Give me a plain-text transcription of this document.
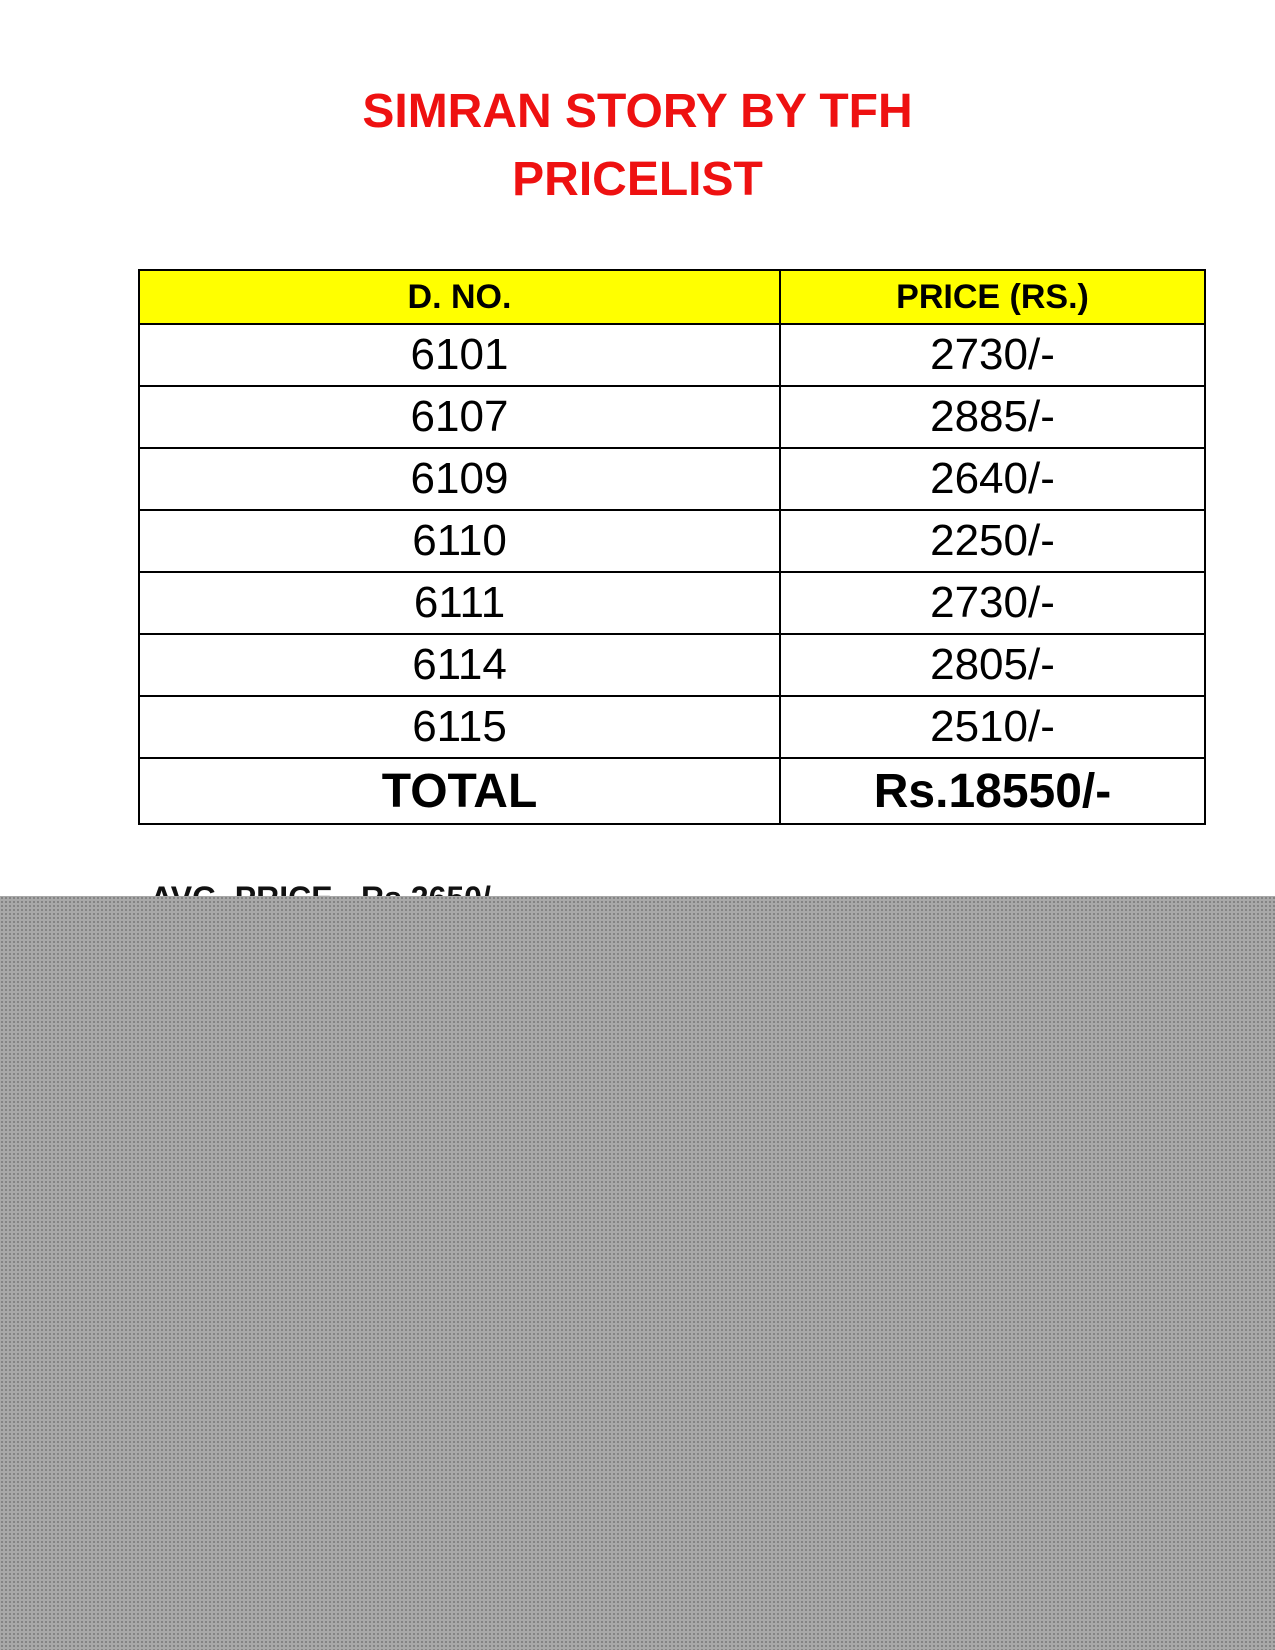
SIMRAN STORY BY TFH
PRICELIST
D. NO.	PRICE (RS.)
6101	2730/-
6107	2885/-
6109	2640/-
6110	2250/-
6111	2730/-
6114	2805/-
6115	2510/-
TOTAL	Rs.18550/-
